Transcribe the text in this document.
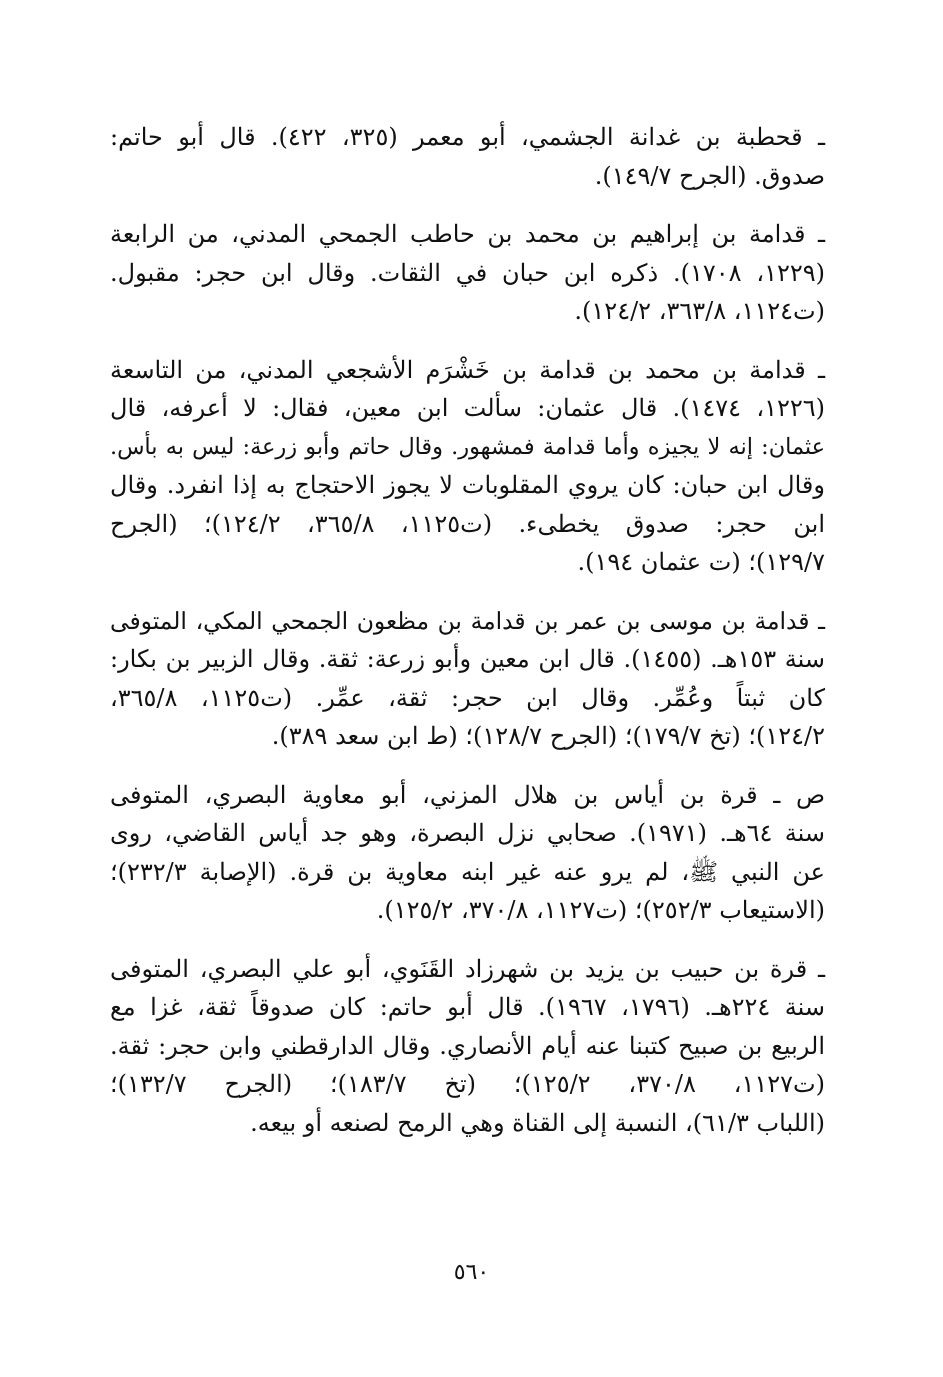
ـ قحطبة بن غدانة الجشمي، أبو معمر (٣٢٥، ٤٢٢). قال أبو حاتم:
صدوق. (الجرح ١٤٩/٧).
ـ قدامة بن إبراهيم بن محمد بن حاطب الجمحي المدني، من الرابعة
(١٢٢٩، ١٧٠٨). ذكره ابن حبان في الثقات. وقال ابن حجر: مقبول.
(ت١١٢٤، ٣٦٣/٨، ١٢٤/٢).
ـ قدامة بن محمد بن قدامة بن خَشْرَم الأشجعي المدني، من التاسعة
(١٢٢٦، ١٤٧٤). قال عثمان: سألت ابن معين، فقال: لا أعرفه، قال
عثمان: إنه لا يجيزه وأما قدامة فمشهور. وقال حاتم وأبو زرعة: ليس به بأس.
وقال ابن حبان: كان يروي المقلوبات لا يجوز الاحتجاج به إذا انفرد. وقال
ابن حجر: صدوق يخطىء. (ت١١٢٥، ٣٦٥/٨، ١٢٤/٢)؛ (الجرح
١٢٩/٧)؛ (ت عثمان ١٩٤).
ـ قدامة بن موسى بن عمر بن قدامة بن مظعون الجمحي المكي، المتوفى
سنة ١٥٣هـ. (١٤٥٥). قال ابن معين وأبو زرعة: ثقة. وقال الزبير بن بكار:
كان ثبتاً وعُمِّر. وقال ابن حجر: ثقة، عمِّر. (ت١١٢٥، ٣٦٥/٨،
١٢٤/٢)؛ (تخ ١٧٩/٧)؛ (الجرح ١٢٨/٧)؛ (ط ابن سعد ٣٨٩).
ص ـ قرة بن أياس بن هلال المزني، أبو معاوية البصري، المتوفى
سنة ٦٤هـ. (١٩٧١). صحابي نزل البصرة، وهو جد أياس القاضي، روى
عن النبي ﷺ، لم يرو عنه غير ابنه معاوية بن قرة. (الإصابة ٢٣٢/٣)؛
(الاستيعاب ٢٥٢/٣)؛ (ت١١٢٧، ٣٧٠/٨، ١٢٥/٢).
ـ قرة بن حبيب بن يزيد بن شهرزاد القَنَوي، أبو علي البصري، المتوفى
سنة ٢٢٤هـ. (١٧٩٦، ١٩٦٧). قال أبو حاتم: كان صدوقاً ثقة، غزا مع
الربيع بن صبيح كتبنا عنه أيام الأنصاري. وقال الدارقطني وابن حجر: ثقة.
(ت١١٢٧، ٣٧٠/٨، ١٢٥/٢)؛ (تخ ١٨٣/٧)؛ (الجرح ١٣٢/٧)؛
(اللباب ٦١/٣)، النسبة إلى القناة وهي الرمح لصنعه أو بيعه.
٥٦٠
